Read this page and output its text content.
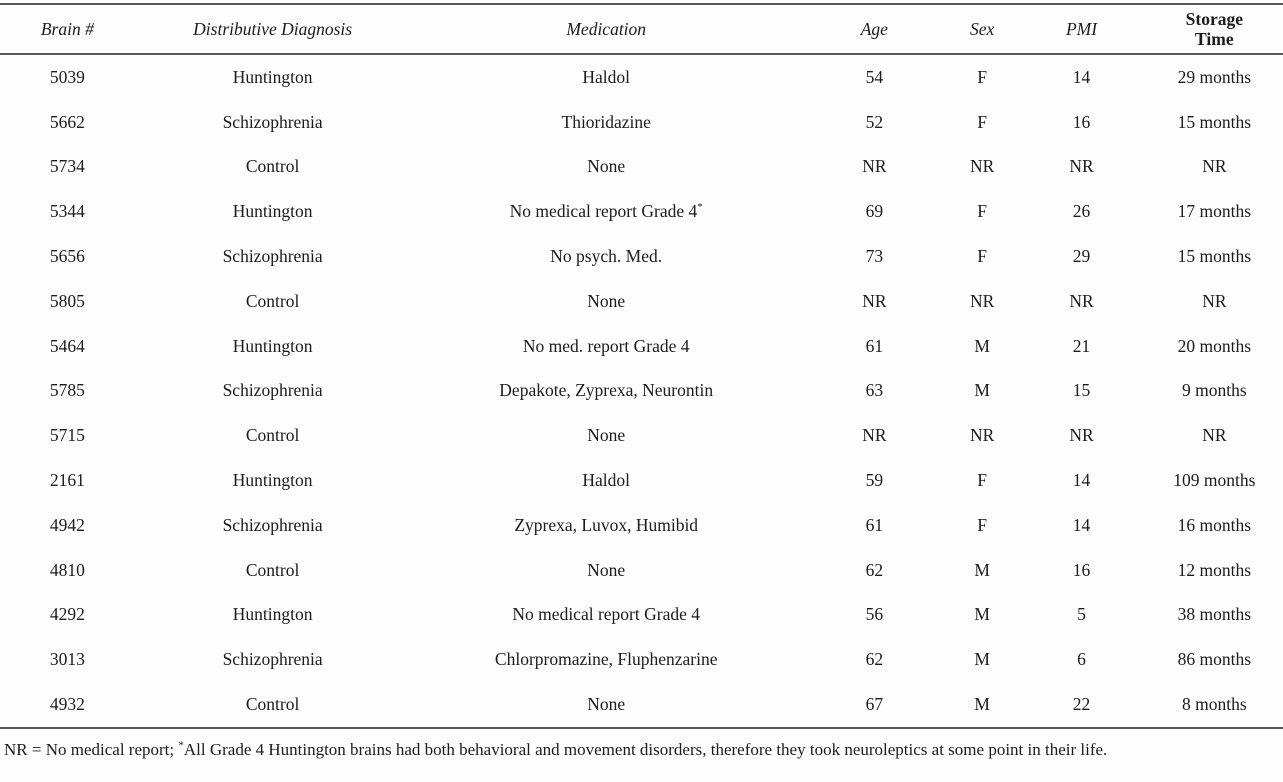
Brain #	Distributive Diagnosis	Medication	Age	Sex	PMI	Storage
Time

5039	Huntington	Haldol	54	F	14	29 months
5662	Schizophrenia	Thioridazine	52	F	16	15 months
5734	Control	None	NR	NR	NR	NR
5344	Huntington	No medical report Grade 4*	69	F	26	17 months
5656	Schizophrenia	No psych. Med.	73	F	29	15 months
5805	Control	None	NR	NR	NR	NR
5464	Huntington	No med. report Grade 4	61	M	21	20 months
5785	Schizophrenia	Depakote, Zyprexa, Neurontin	63	M	15	9 months
5715	Control	None	NR	NR	NR	NR
2161	Huntington	Haldol	59	F	14	109 months
4942	Schizophrenia	Zyprexa, Luvox, Humibid	61	F	14	16 months
4810	Control	None	62	M	16	12 months
4292	Huntington	No medical report Grade 4	56	M	5	38 months
3013	Schizophrenia	Chlorpromazine, Fluphenzarine	62	M	6	86 months
4932	Control	None	67	M	22	8 months
NR = No medical report; *All Grade 4 Huntington brains had both behavioral and movement disorders, therefore they took neuroleptics at some point in their life.
